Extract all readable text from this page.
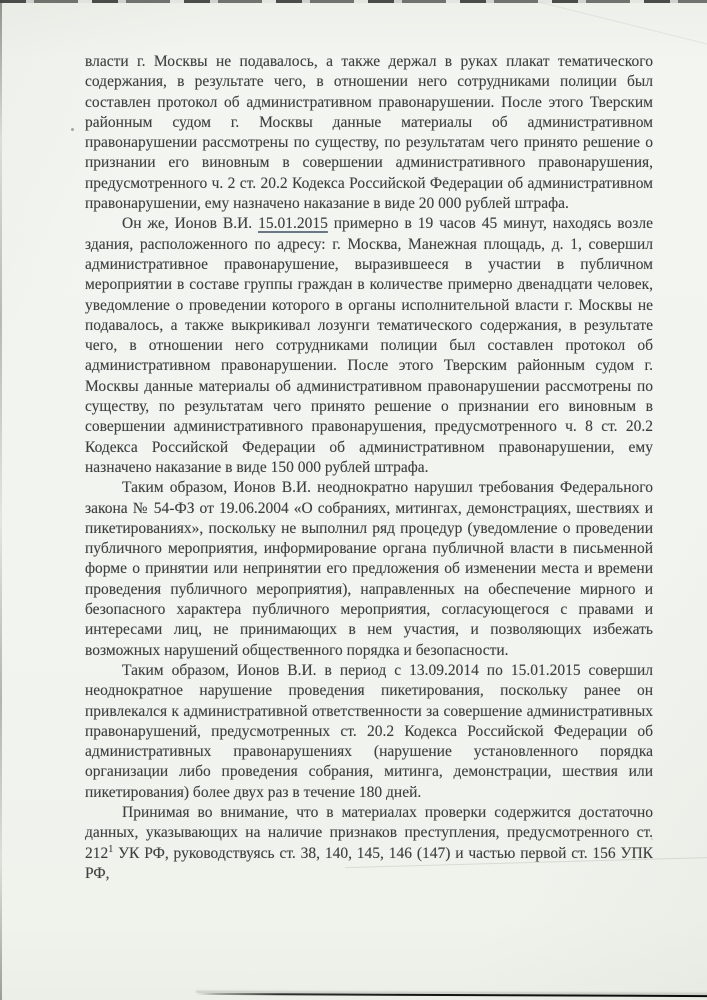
власти г. Москвы не подавалось, а также держал в руках плакат тематического содержания, в результате чего, в отношении него сотрудниками полиции был составлен протокол об административном правонарушении. После этого Тверским районным судом г. Москвы данные материалы об административном правонарушении рассмотрены по существу, по результатам чего принято решение о признании его виновным в совершении административного правонарушения, предусмотренного ч. 2 ст. 20.2 Кодекса Российской Федерации об административном правонарушении, ему назначено наказание в виде 20 000 рублей штрафа.

Он же, Ионов В.И. 15.01.2015 примерно в 19 часов 45 минут, находясь возле здания, расположенного по адресу: г. Москва, Манежная площадь, д. 1, совершил административное правонарушение, выразившееся в участии в публичном мероприятии в составе группы граждан в количестве примерно двенадцати человек, уведомление о проведении которого в органы исполнительной власти г. Москвы не подавалось, а также выкрикивал лозунги тематического содержания, в результате чего, в отношении него сотрудниками полиции был составлен протокол об административном правонарушении. После этого Тверским районным судом г. Москвы данные материалы об административном правонарушении рассмотрены по существу, по результатам чего принято решение о признании его виновным в совершении административного правонарушения, предусмотренного ч. 8 ст. 20.2 Кодекса Российской Федерации об административном правонарушении, ему назначено наказание в виде 150 000 рублей штрафа.

Таким образом, Ионов В.И. неоднократно нарушил требования Федерального закона № 54-ФЗ от 19.06.2004 «О собраниях, митингах, демонстрациях, шествиях и пикетированиях», поскольку не выполнил ряд процедур (уведомление о проведении публичного мероприятия, информирование органа публичной власти в письменной форме о принятии или непринятии его предложения об изменении места и времени проведения публичного мероприятия), направленных на обеспечение мирного и безопасного характера публичного мероприятия, согласующегося с правами и интересами лиц, не принимающих в нем участия, и позволяющих избежать возможных нарушений общественного порядка и безопасности.

Таким образом, Ионов В.И. в период с 13.09.2014 по 15.01.2015 совершил неоднократное нарушение проведения пикетирования, поскольку ранее он привлекался к административной ответственности за совершение административных правонарушений, предусмотренных ст. 20.2 Кодекса Российской Федерации об административных правонарушениях (нарушение установленного порядка организации либо проведения собрания, митинга, демонстрации, шествия или пикетирования) более двух раз в течение 180 дней.

Принимая во внимание, что в материалах проверки содержится достаточно данных, указывающих на наличие признаков преступления, предусмотренного ст. $212^1$ УК РФ, руководствуясь ст. 38, 140, 145, 146 (147) и частью первой ст. 156 УПК РФ,
